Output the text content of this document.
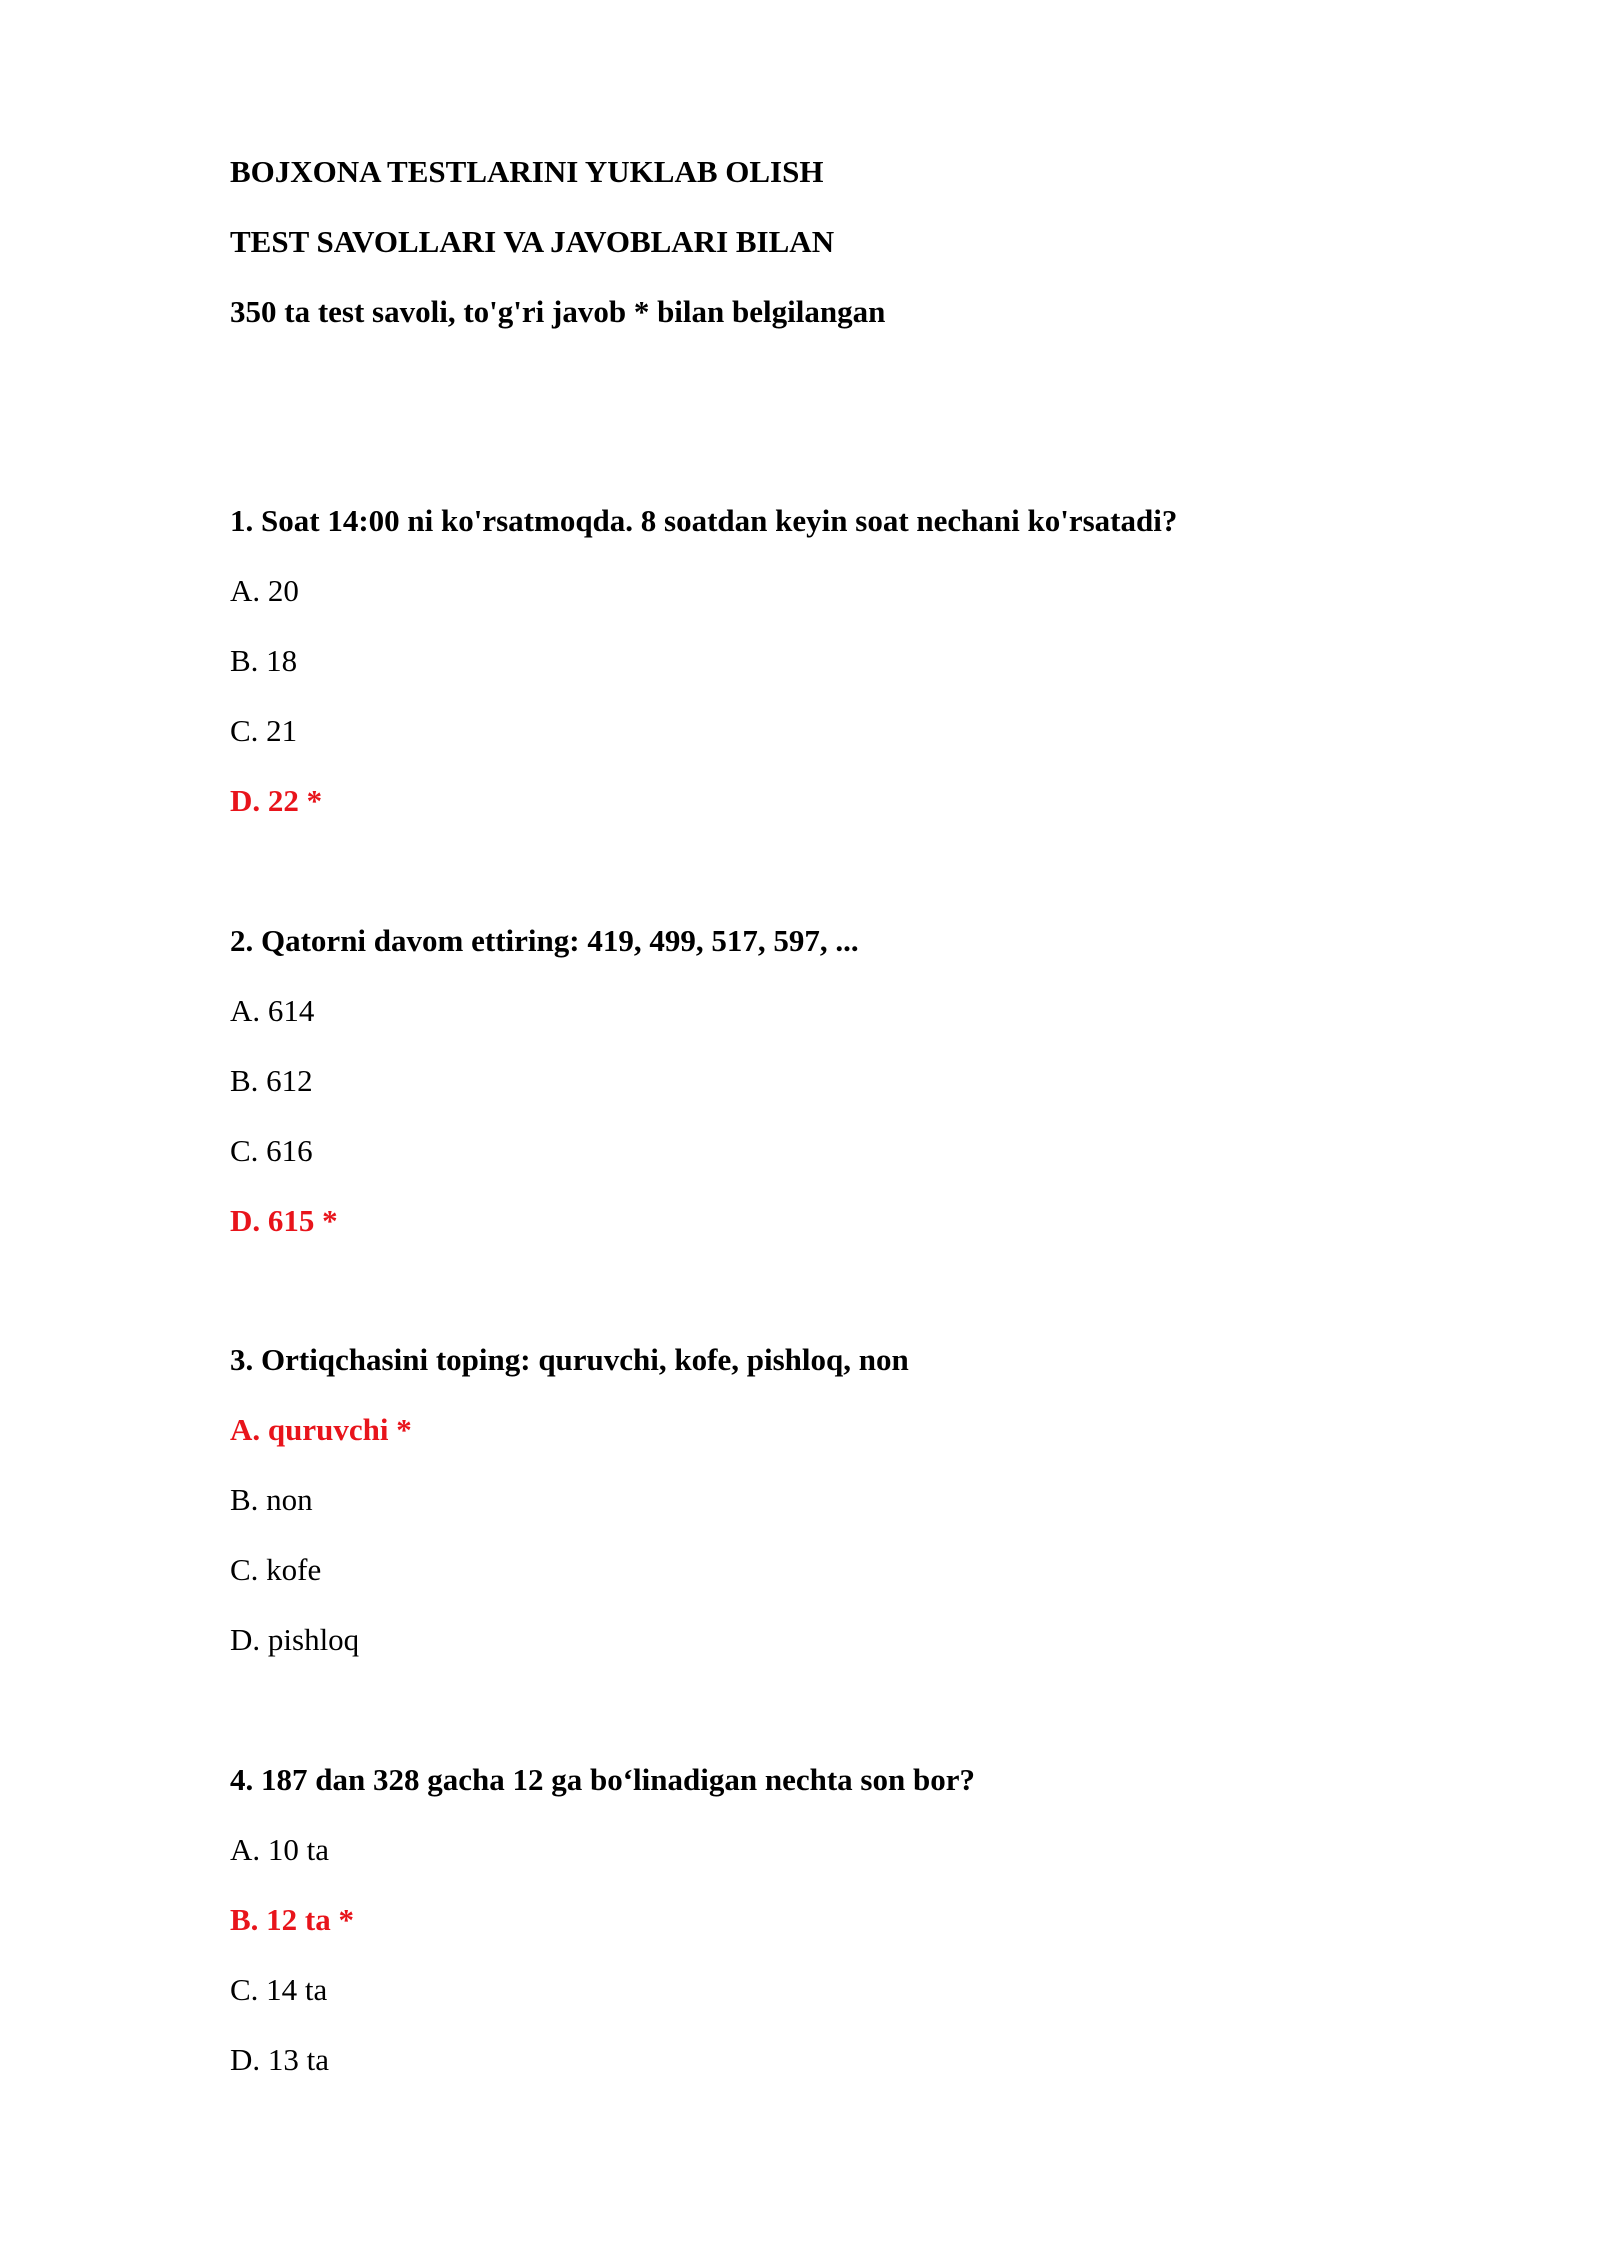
BOJXONA TESTLARINI YUKLAB OLISH
TEST SAVOLLARI VA JAVOBLARI BILAN
350 ta test savoli, to'g'ri javob * bilan belgilangan
1. Soat 14:00 ni ko'rsatmoqda. 8 soatdan keyin soat nechani ko'rsatadi?
A. 20
B. 18
C. 21
D. 22 *
2. Qatorni davom ettiring: 419, 499, 517, 597, ...
A. 614
B. 612
C. 616
D. 615 *
3. Ortiqchasini toping: quruvchi, kofe, pishloq, non
A. quruvchi *
B. non
C. kofe
D. pishloq
4. 187 dan 328 gacha 12 ga bo‘linadigan nechta son bor?
A. 10 ta
B. 12 ta *
C. 14 ta
D. 13 ta
